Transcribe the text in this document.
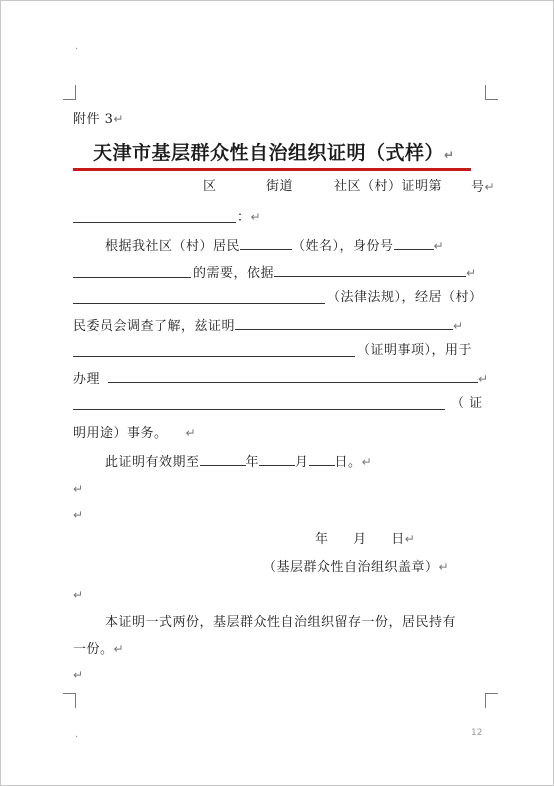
.
附件 3↵
天津市基层群众性自治组织证明（式样）↵
区	街道	社区（村）证明第 号↵
：↵
根据我社区（村）居民	（姓名），身份号	↵
的需要，依据	↵
（法律法规），经居（村）
民委员会调查了解，兹证明	↵
（证明事项），用于
办理	↵
（ 证
明用途）事务。 ↵
此证明有效期至	年	月 日。↵
↵
↵
年 月 日↵
（基层群众性自治组织盖章）↵
↵
本证明一式两份，基层群众性自治组织留存一份，居民持有
一份。↵
↵
.	12
